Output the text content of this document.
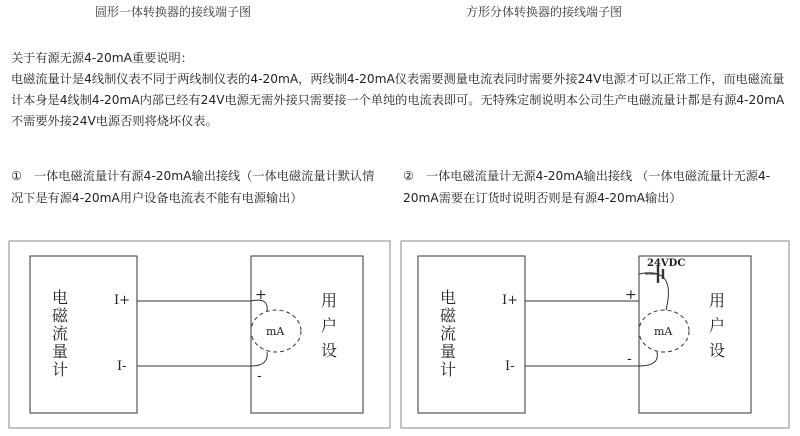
圆形一体转换器的接线端子图	方形分体转换器的接线端子图

关于有源无源4-20mA重要说明：

电磁流量计是4线制仪表不同于两线制仪表的4-20mA，两线制4-20mA仪表需要测量电流表同时需要外接24V电源才可以正常工作，而电磁流量计本身是4线制4-20mA内部已经有24V电源无需外接只需要接一个单纯的电流表即可。无特殊定制说明本公司生产电磁流量计都是有源4-20mA不需要外接24V电源否则将烧坏仪表。

① 一体电磁流量计有源4-20mA输出接线（一体电磁流量计默认情况下是有源4-20mA用户设备电流表不能有电源输出）
② 一体电磁流量计无源4-20mA输出接线 （一体电磁流量计无源4-20mA需要在订货时说明否则是有源4-20mA输出）
电
磁
流
量
计
I+
I-
+
-
mA
用
户
设
电
磁
流
量
计
I+
I-
+
-
24VDC
mA
用
户
设
